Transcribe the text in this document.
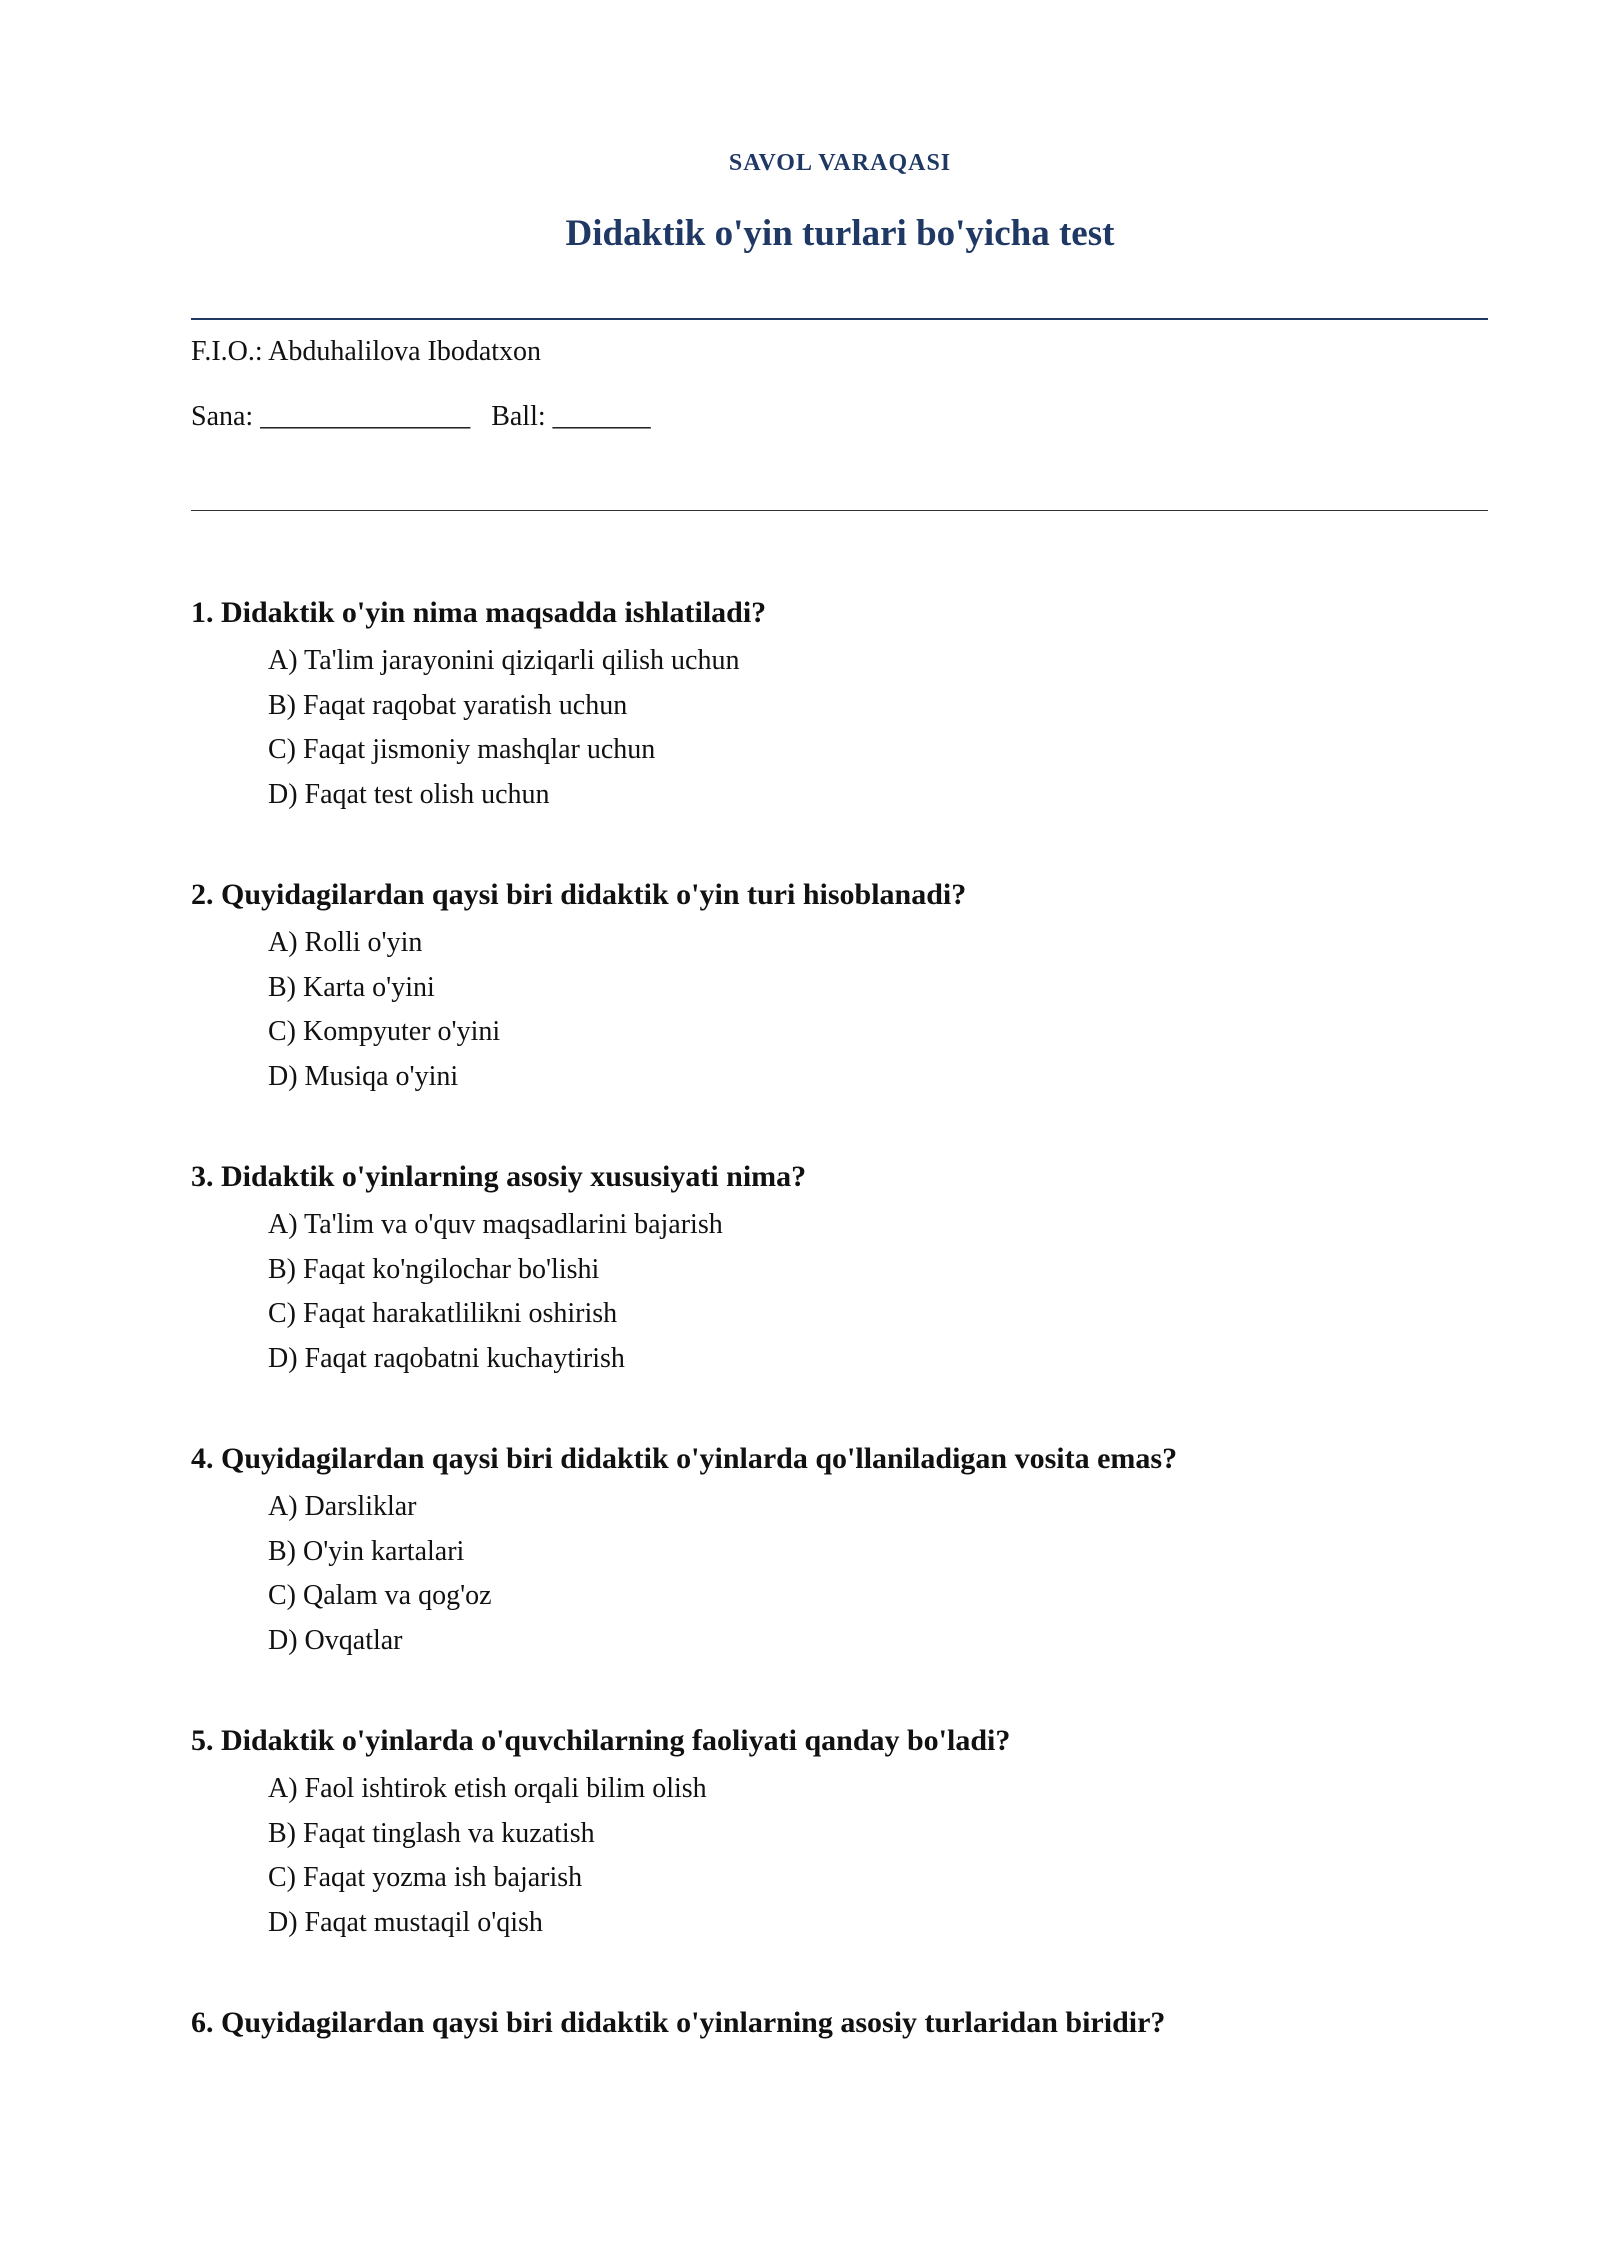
SAVOL VARAQASI
Didaktik o'yin turlari bo'yicha test
F.I.O.: Abduhalilova Ibodatxon
Sana: _______________   Ball: _______
1. Didaktik o'yin nima maqsadda ishlatiladi?
A) Ta'lim jarayonini qiziqarli qilish uchun
B) Faqat raqobat yaratish uchun
C) Faqat jismoniy mashqlar uchun
D) Faqat test olish uchun
2. Quyidagilardan qaysi biri didaktik o'yin turi hisoblanadi?
A) Rolli o'yin
B) Karta o'yini
C) Kompyuter o'yini
D) Musiqa o'yini
3. Didaktik o'yinlarning asosiy xususiyati nima?
A) Ta'lim va o'quv maqsadlarini bajarish
B) Faqat ko'ngilochar bo'lishi
C) Faqat harakatlilikni oshirish
D) Faqat raqobatni kuchaytirish
4. Quyidagilardan qaysi biri didaktik o'yinlarda qo'llaniladigan vosita emas?
A) Darsliklar
B) O'yin kartalari
C) Qalam va qog'oz
D) Ovqatlar
5. Didaktik o'yinlarda o'quvchilarning faoliyati qanday bo'ladi?
A) Faol ishtirok etish orqali bilim olish
B) Faqat tinglash va kuzatish
C) Faqat yozma ish bajarish
D) Faqat mustaqil o'qish
6. Quyidagilardan qaysi biri didaktik o'yinlarning asosiy turlaridan biridir?
